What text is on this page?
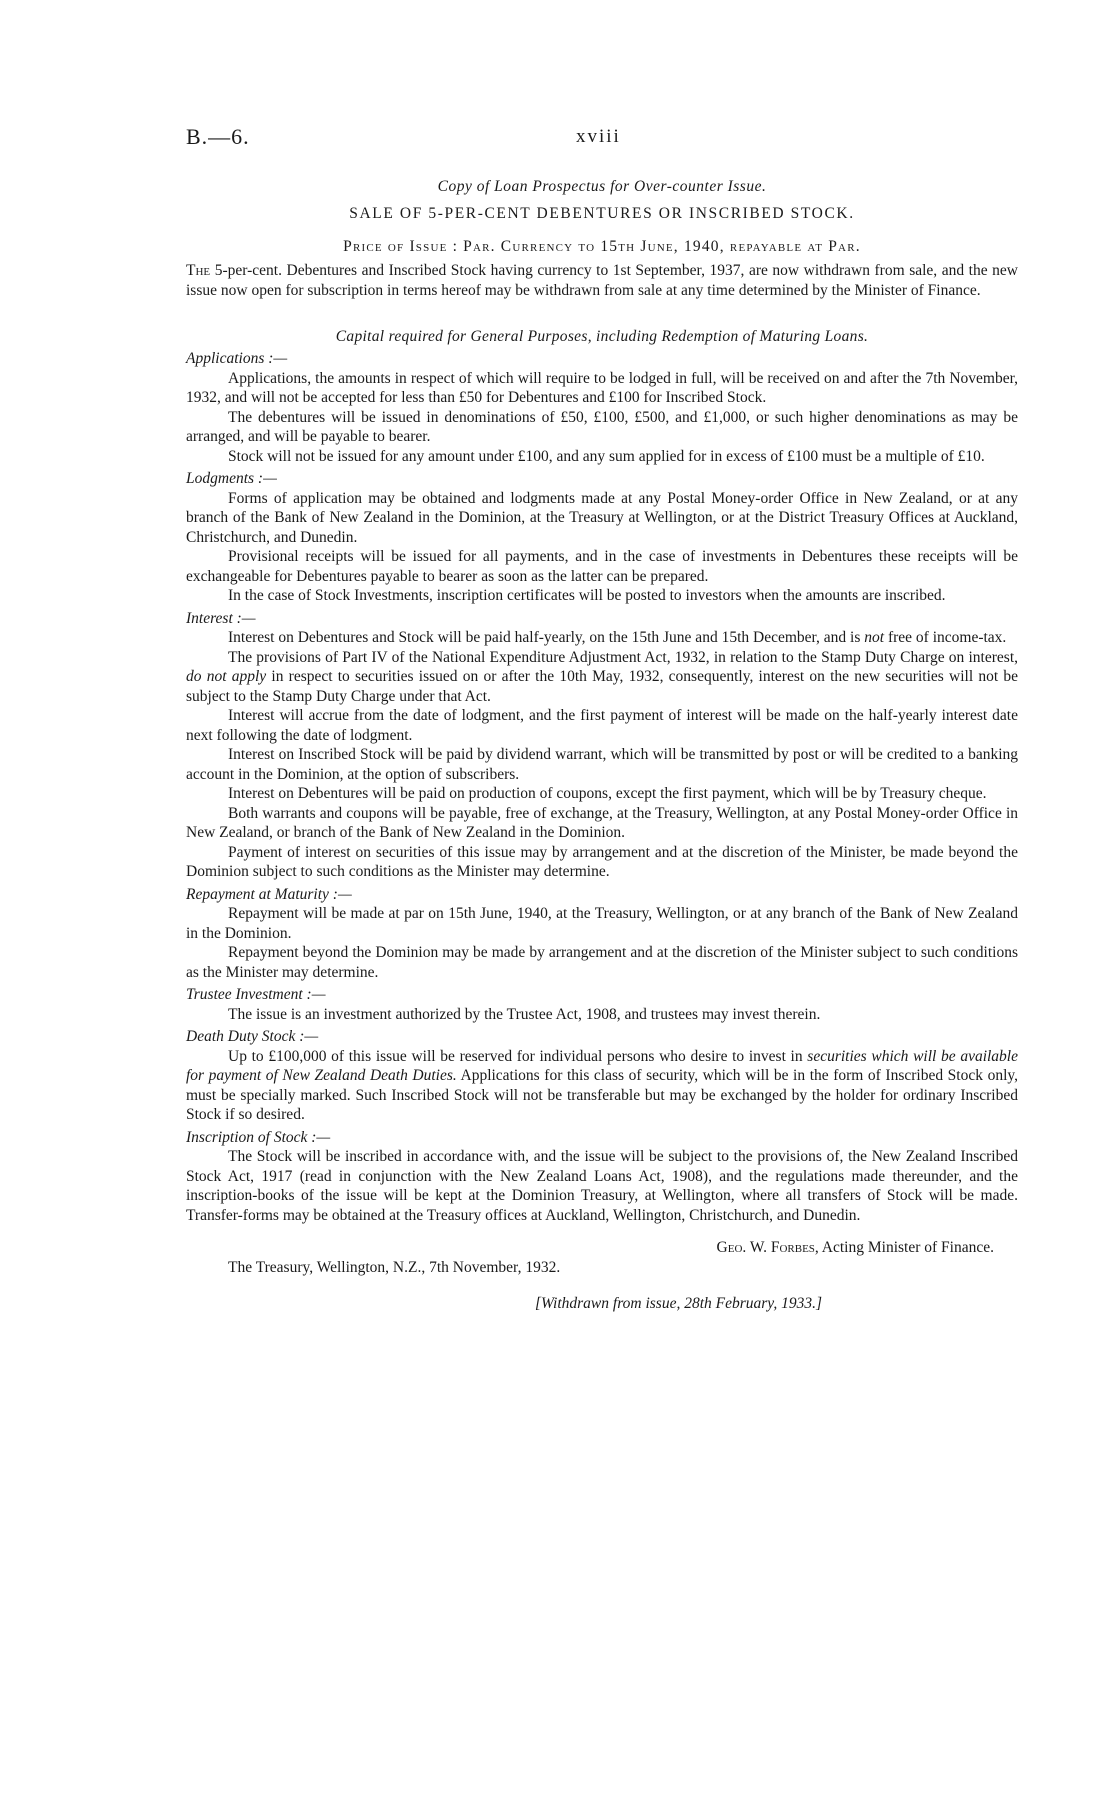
B.—6.	xviii
Copy of Loan Prospectus for Over-counter Issue.
SALE OF 5-PER-CENT DEBENTURES OR INSCRIBED STOCK.
Price of Issue : Par. Currency to 15th June, 1940, repayable at Par.

The 5-per-cent. Debentures and Inscribed Stock having currency to 1st September, 1937, are now withdrawn from sale, and the new issue now open for subscription in terms hereof may be withdrawn from sale at any time determined by the Minister of Finance.

Capital required for General Purposes, including Redemption of Maturing Loans.
Applications :—

Applications, the amounts in respect of which will require to be lodged in full, will be received on and after the 7th November, 1932, and will not be accepted for less than £50 for Debentures and £100 for Inscribed Stock.

The debentures will be issued in denominations of £50, £100, £500, and £1,000, or such higher denominations as may be arranged, and will be payable to bearer.

Stock will not be issued for any amount under £100, and any sum applied for in excess of £100 must be a multiple of £10.

Lodgments :—

Forms of application may be obtained and lodgments made at any Postal Money-order Office in New Zealand, or at any branch of the Bank of New Zealand in the Dominion, at the Treasury at Wellington, or at the District Treasury Offices at Auckland, Christchurch, and Dunedin.

Provisional receipts will be issued for all payments, and in the case of investments in Debentures these receipts will be exchangeable for Debentures payable to bearer as soon as the latter can be prepared.

In the case of Stock Investments, inscription certificates will be posted to investors when the amounts are inscribed.

Interest :—

Interest on Debentures and Stock will be paid half-yearly, on the 15th June and 15th December, and is not free of income-tax.

The provisions of Part IV of the National Expenditure Adjustment Act, 1932, in relation to the Stamp Duty Charge on interest, do not apply in respect to securities issued on or after the 10th May, 1932, consequently, interest on the new securities will not be subject to the Stamp Duty Charge under that Act.

Interest will accrue from the date of lodgment, and the first payment of interest will be made on the half-yearly interest date next following the date of lodgment.

Interest on Inscribed Stock will be paid by dividend warrant, which will be transmitted by post or will be credited to a banking account in the Dominion, at the option of subscribers.

Interest on Debentures will be paid on production of coupons, except the first payment, which will be by Treasury cheque.

Both warrants and coupons will be payable, free of exchange, at the Treasury, Wellington, at any Postal Money-order Office in New Zealand, or branch of the Bank of New Zealand in the Dominion.

Payment of interest on securities of this issue may by arrangement and at the discretion of the Minister, be made beyond the Dominion subject to such conditions as the Minister may determine.

Repayment at Maturity :—

Repayment will be made at par on 15th June, 1940, at the Treasury, Wellington, or at any branch of the Bank of New Zealand in the Dominion.

Repayment beyond the Dominion may be made by arrangement and at the discretion of the Minister subject to such conditions as the Minister may determine.

Trustee Investment :—

The issue is an investment authorized by the Trustee Act, 1908, and trustees may invest therein.

Death Duty Stock :—

Up to £100,000 of this issue will be reserved for individual persons who desire to invest in securities which will be available for payment of New Zealand Death Duties. Applications for this class of security, which will be in the form of Inscribed Stock only, must be specially marked. Such Inscribed Stock will not be transferable but may be exchanged by the holder for ordinary Inscribed Stock if so desired.

Inscription of Stock :—

The Stock will be inscribed in accordance with, and the issue will be subject to the provisions of, the New Zealand Inscribed Stock Act, 1917 (read in conjunction with the New Zealand Loans Act, 1908), and the regulations made thereunder, and the inscription-books of the issue will be kept at the Dominion Treasury, at Wellington, where all transfers of Stock will be made. Transfer-forms may be obtained at the Treasury offices at Auckland, Wellington, Christchurch, and Dunedin.

Geo. W. Forbes, Acting Minister of Finance.
The Treasury, Wellington, N.Z., 7th November, 1932.
[Withdrawn from issue, 28th February, 1933.]
